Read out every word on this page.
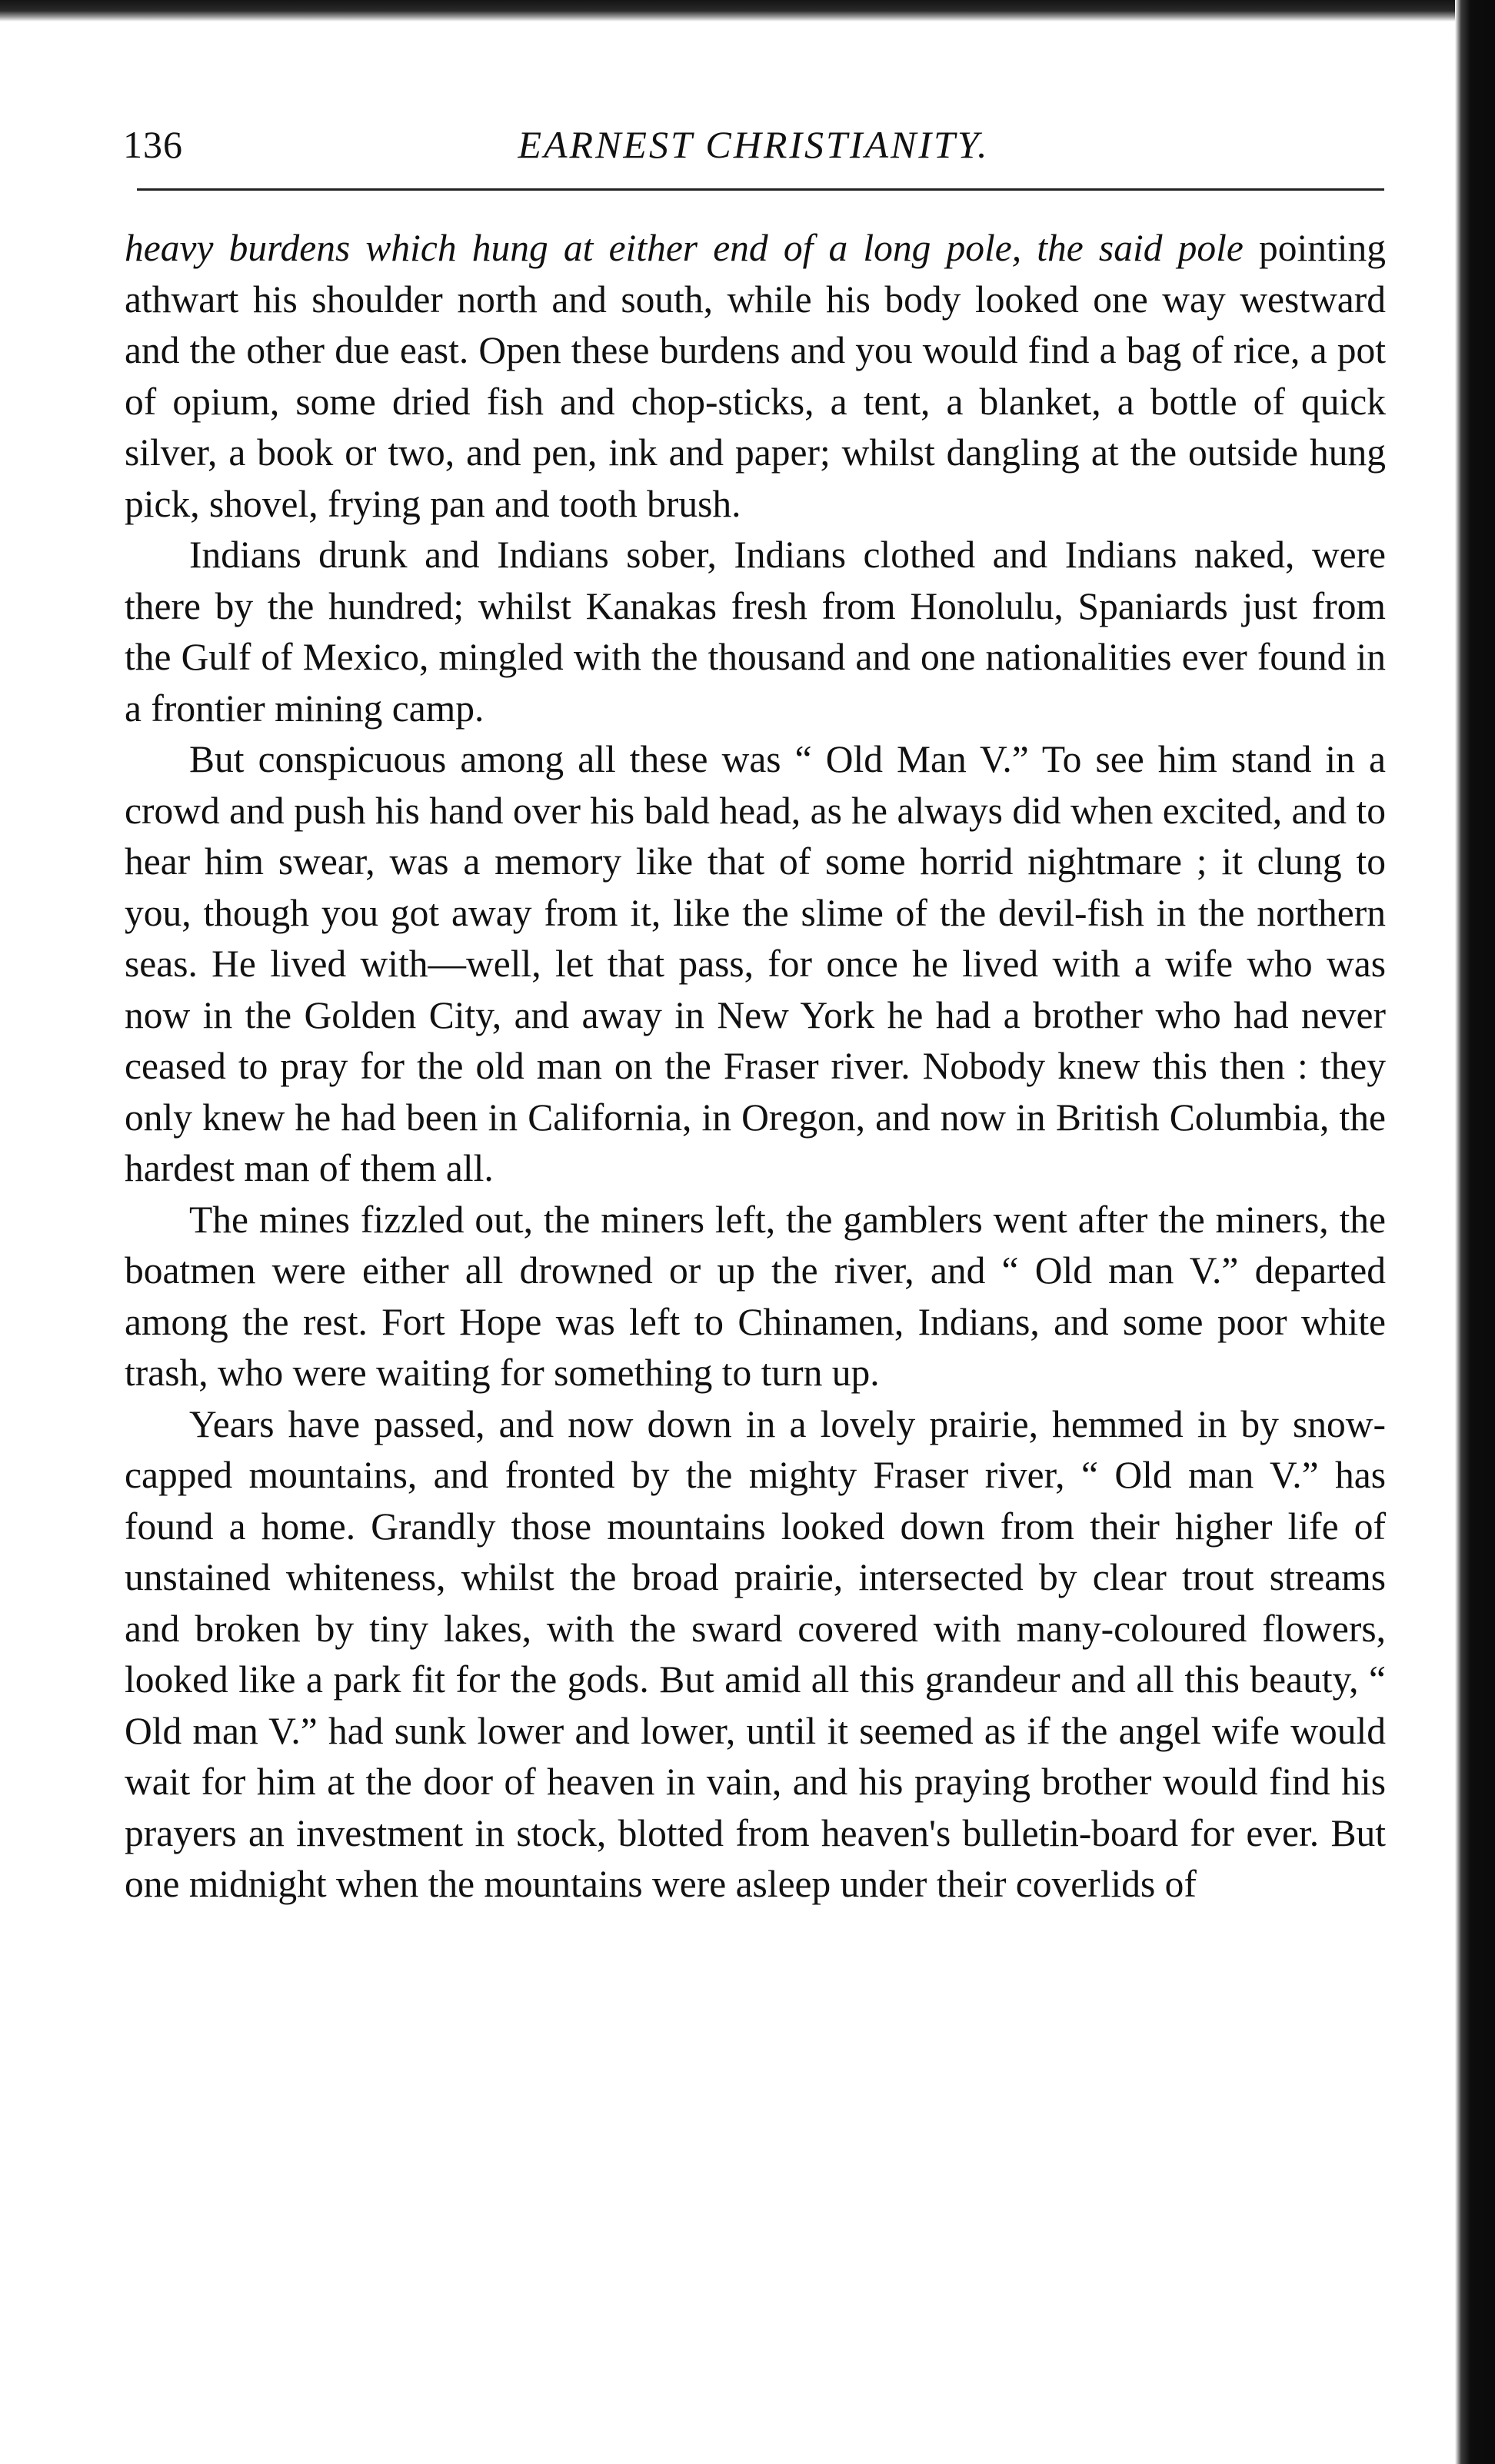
136	EARNEST CHRISTIANITY.

heavy burdens which hung at either end of a long pole, the said pole pointing athwart his shoulder north and south, while his body looked one way westward and the other due east. Open these burdens and you would find a bag of rice, a pot of opium, some dried fish and chop-sticks, a tent, a blanket, a bottle of quick silver, a book or two, and pen, ink and paper; whilst dangling at the outside hung pick, shovel, frying pan and tooth brush.

Indians drunk and Indians sober, Indians clothed and Indians naked, were there by the hundred; whilst Kanakas fresh from Honolulu, Spaniards just from the Gulf of Mexico, mingled with the thousand and one nationalities ever found in a frontier mining camp.

But conspicuous among all these was “ Old Man V.” To see him stand in a crowd and push his hand over his bald head, as he always did when excited, and to hear him swear, was a memory like that of some horrid nightmare ; it clung to you, though you got away from it, like the slime of the devil-fish in the northern seas. He lived with—well, let that pass, for once he lived with a wife who was now in the Golden City, and away in New York he had a brother who had never ceased to pray for the old man on the Fraser river. Nobody knew this then : they only knew he had been in California, in Oregon, and now in British Columbia, the hardest man of them all.

The mines fizzled out, the miners left, the gamblers went after the miners, the boatmen were either all drowned or up the river, and “ Old man V.” departed among the rest. Fort Hope was left to Chinamen, Indians, and some poor white trash, who were waiting for something to turn up.

Years have passed, and now down in a lovely prairie, hemmed in by snow-capped mountains, and fronted by the mighty Fraser river, “ Old man V.” has found a home. Grandly those mountains looked down from their higher life of unstained whiteness, whilst the broad prairie, intersected by clear trout streams and broken by tiny lakes, with the sward covered with many-coloured flowers, looked like a park fit for the gods. But amid all this grandeur and all this beauty, “ Old man V.” had sunk lower and lower, until it seemed as if the angel wife would wait for him at the door of heaven in vain, and his praying brother would find his prayers an investment in stock, blotted from heaven's bulletin-board for ever. But one midnight when the mountains were asleep under their coverlids of
